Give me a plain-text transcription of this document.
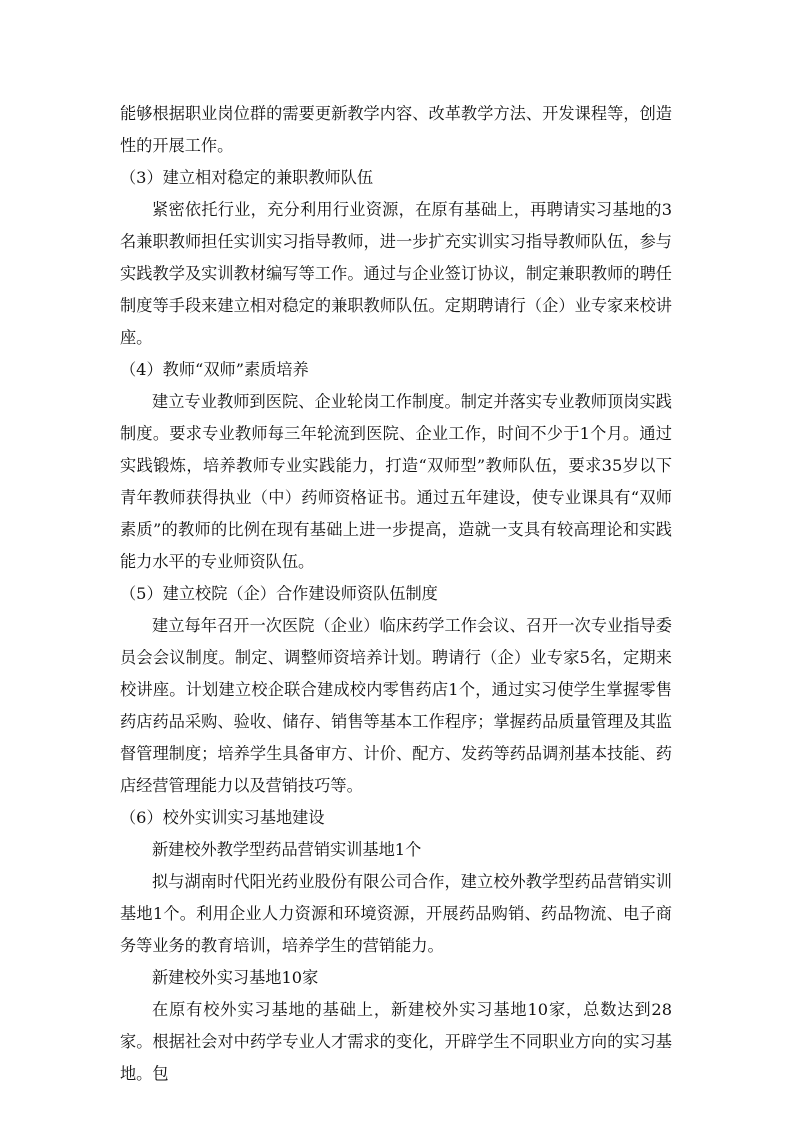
能够根据职业岗位群的需要更新教学内容、改革教学方法、开发课程等，创造性的开展工作。

（3）建立相对稳定的兼职教师队伍

紧密依托行业，充分利用行业资源，在原有基础上，再聘请实习基地的3名兼职教师担任实训实习指导教师，进一步扩充实训实习指导教师队伍，参与实践教学及实训教材编写等工作。通过与企业签订协议，制定兼职教师的聘任制度等手段来建立相对稳定的兼职教师队伍。定期聘请行（企）业专家来校讲座。

（4）教师“双师”素质培养

建立专业教师到医院、企业轮岗工作制度。制定并落实专业教师顶岗实践制度。要求专业教师每三年轮流到医院、企业工作，时间不少于1个月。通过实践锻炼，培养教师专业实践能力，打造“双师型”教师队伍，要求35岁以下青年教师获得执业（中）药师资格证书。通过五年建设，使专业课具有“双师素质”的教师的比例在现有基础上进一步提高，造就一支具有较高理论和实践能力水平的专业师资队伍。

（5）建立校院（企）合作建设师资队伍制度

建立每年召开一次医院（企业）临床药学工作会议、召开一次专业指导委员会会议制度。制定、调整师资培养计划。聘请行（企）业专家5名，定期来校讲座。计划建立校企联合建成校内零售药店1个，通过实习使学生掌握零售药店药品采购、验收、储存、销售等基本工作程序；掌握药品质量管理及其监督管理制度；培养学生具备审方、计价、配方、发药等药品调剂基本技能、药店经营管理能力以及营销技巧等。

（6）校外实训实习基地建设

新建校外教学型药品营销实训基地1个

拟与湖南时代阳光药业股份有限公司合作，建立校外教学型药品营销实训基地1个。利用企业人力资源和环境资源，开展药品购销、药品物流、电子商务等业务的教育培训，培养学生的营销能力。

新建校外实习基地10家

在原有校外实习基地的基础上，新建校外实习基地10家，总数达到28家。根据社会对中药学专业人才需求的变化，开辟学生不同职业方向的实习基地。包
